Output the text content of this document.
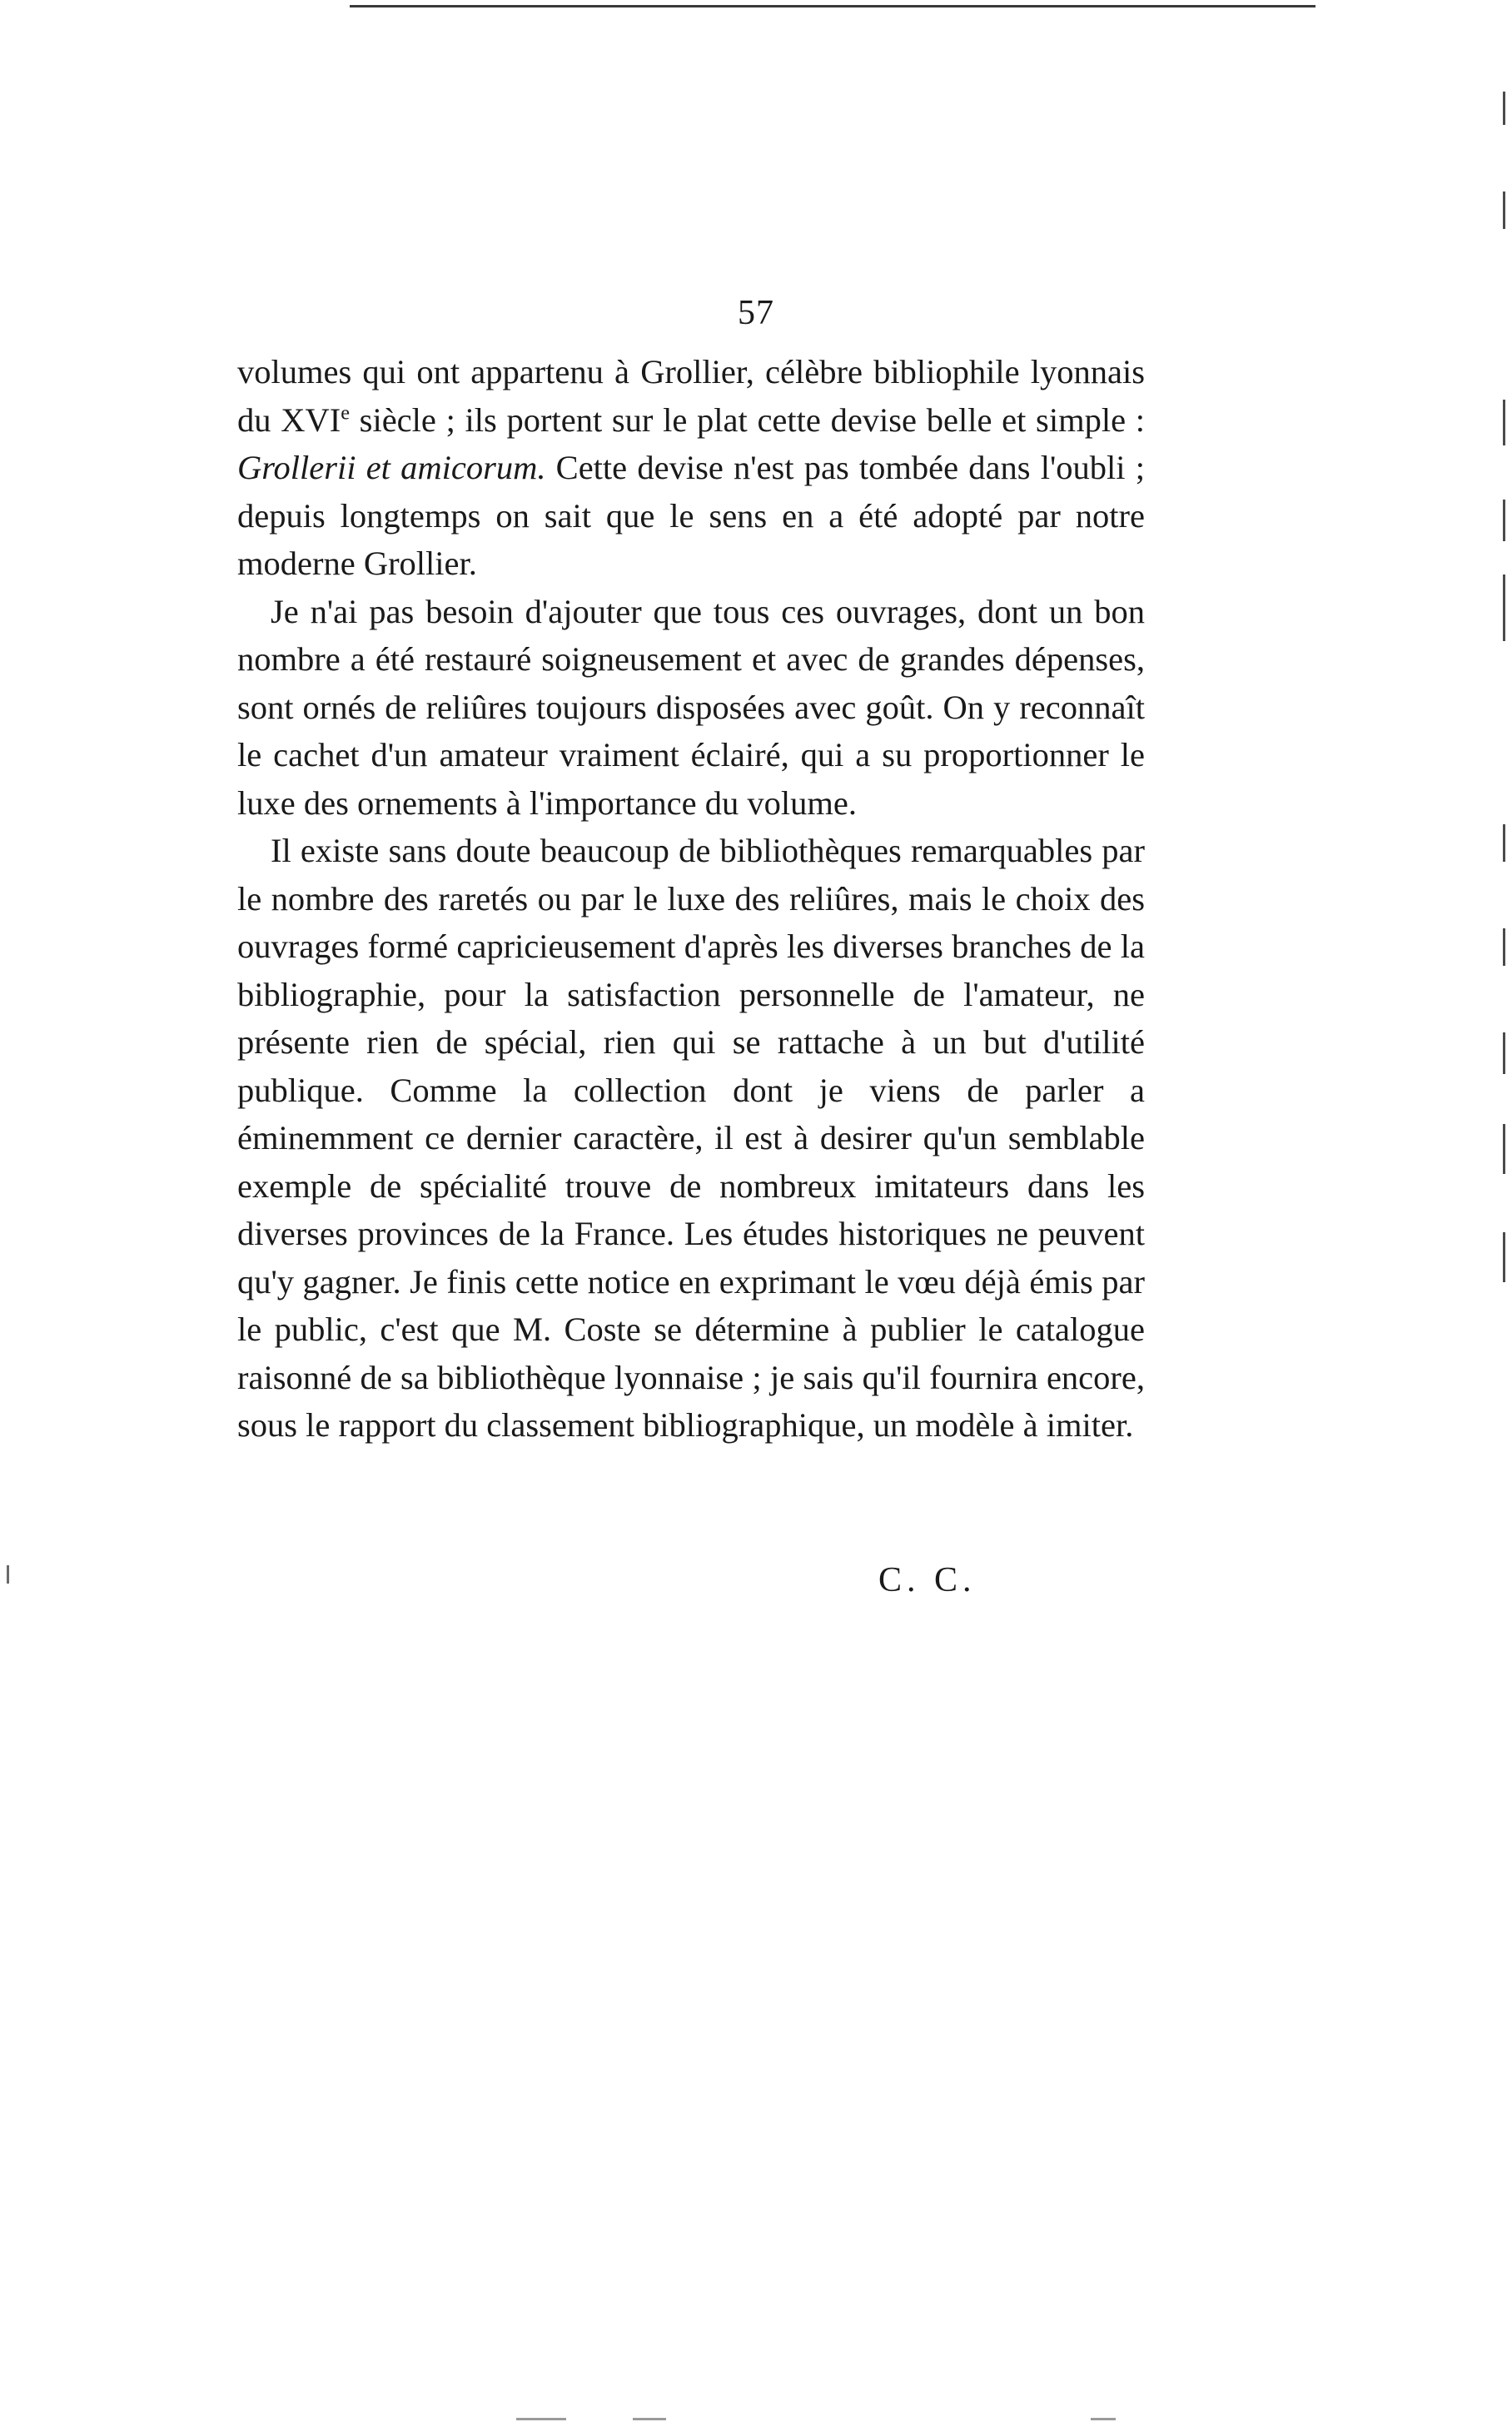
57

volumes qui ont appartenu à Grollier, célèbre bibliophile lyonnais du XVIe siècle ; ils portent sur le plat cette devise belle et simple : Grollerii et amicorum. Cette devise n'est pas tombée dans l'oubli ; depuis longtemps on sait que le sens en a été adopté par notre moderne Grollier.

Je n'ai pas besoin d'ajouter que tous ces ouvrages, dont un bon nombre a été restauré soigneusement et avec de grandes dépenses, sont ornés de reliûres toujours disposées avec goût. On y reconnaît le cachet d'un amateur vraiment éclairé, qui a su proportionner le luxe des ornements à l'importance du volume.

Il existe sans doute beaucoup de bibliothèques remarquables par le nombre des raretés ou par le luxe des reliûres, mais le choix des ouvrages formé capricieusement d'après les diverses branches de la bibliographie, pour la satisfaction personnelle de l'amateur, ne présente rien de spécial, rien qui se rattache à un but d'utilité publique. Comme la collection dont je viens de parler a éminemment ce dernier caractère, il est à desirer qu'un semblable exemple de spécialité trouve de nombreux imitateurs dans les diverses provinces de la France. Les études historiques ne peuvent qu'y gagner. Je finis cette notice en exprimant le vœu déjà émis par le public, c'est que M. Coste se détermine à publier le catalogue raisonné de sa bibliothèque lyonnaise ; je sais qu'il fournira encore, sous le rapport du classement bibliographique, un modèle à imiter.

C. C.
